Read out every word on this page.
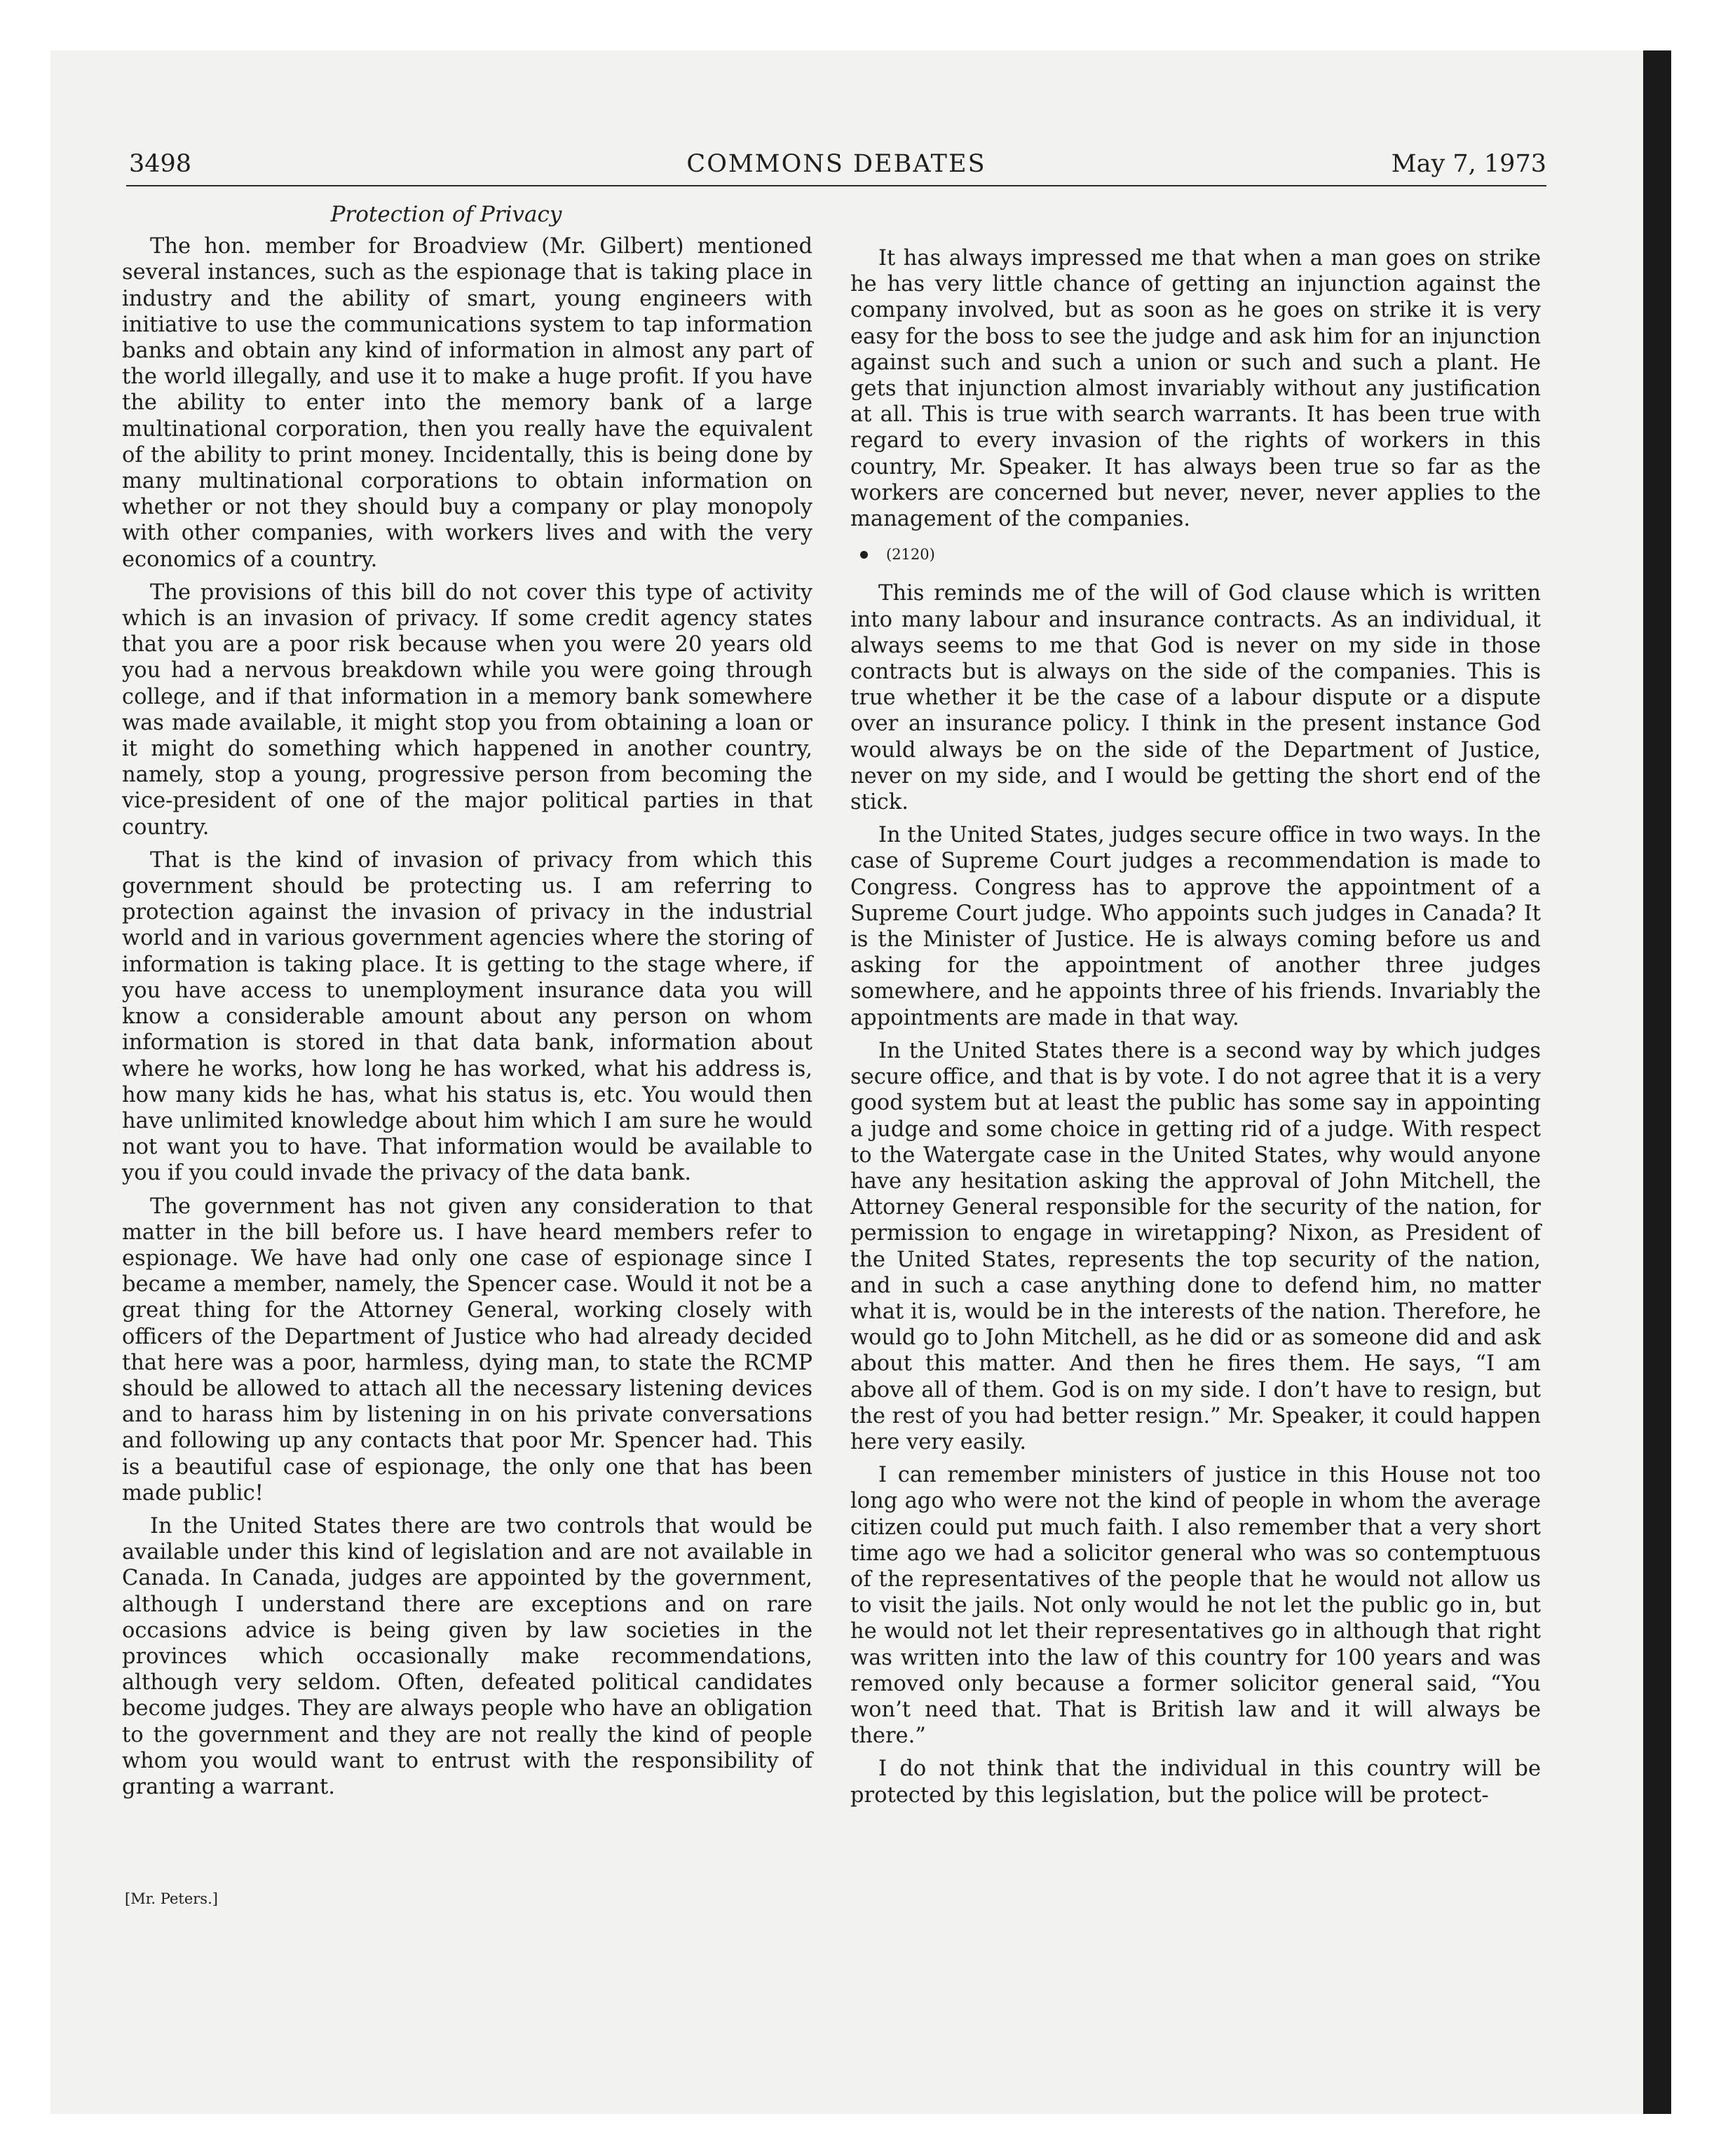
COMMONS DEBATES
3498	May 7, 1973
Protection of Privacy

The hon. member for Broadview (Mr. Gilbert) mentioned several instances, such as the espionage that is taking place in industry and the ability of smart, young engineers with initiative to use the communications system to tap information banks and obtain any kind of information in almost any part of the world illegally, and use it to make a huge profit. If you have the ability to enter into the memory bank of a large multinational corporation, then you really have the equivalent of the ability to print money. Incidentally, this is being done by many multinational corporations to obtain information on whether or not they should buy a company or play monopoly with other companies, with workers lives and with the very economics of a country.

The provisions of this bill do not cover this type of activity which is an invasion of privacy. If some credit agency states that you are a poor risk because when you were 20 years old you had a nervous breakdown while you were going through college, and if that information in a memory bank somewhere was made available, it might stop you from obtaining a loan or it might do something which happened in another country, namely, stop a young, progressive person from becoming the vice-president of one of the major political parties in that country.

That is the kind of invasion of privacy from which this government should be protecting us. I am referring to protection against the invasion of privacy in the industrial world and in various government agencies where the storing of information is taking place. It is getting to the stage where, if you have access to unemployment insurance data you will know a considerable amount about any person on whom information is stored in that data bank, information about where he works, how long he has worked, what his address is, how many kids he has, what his status is, etc. You would then have unlimited knowledge about him which I am sure he would not want you to have. That information would be available to you if you could invade the privacy of the data bank.

The government has not given any consideration to that matter in the bill before us. I have heard members refer to espionage. We have had only one case of espionage since I became a member, namely, the Spencer case. Would it not be a great thing for the Attorney General, working closely with officers of the Department of Justice who had already decided that here was a poor, harmless, dying man, to state the RCMP should be allowed to attach all the necessary listening devices and to harass him by listening in on his private conversations and following up any contacts that poor Mr. Spencer had. This is a beautiful case of espionage, the only one that has been made public!

In the United States there are two controls that would be available under this kind of legislation and are not available in Canada. In Canada, judges are appointed by the government, although I understand there are exceptions and on rare occasions advice is being given by law societies in the provinces which occasionally make recommendations, although very seldom. Often, defeated political candidates become judges. They are always people who have an obligation to the government and they are not really the kind of people whom you would want to entrust with the responsibility of granting a warrant.

[Mr. Peters.]

It has always impressed me that when a man goes on strike he has very little chance of getting an injunction against the company involved, but as soon as he goes on strike it is very easy for the boss to see the judge and ask him for an injunction against such and such a union or such and such a plant. He gets that injunction almost invariably without any justification at all. This is true with search warrants. It has been true with regard to every invasion of the rights of workers in this country, Mr. Speaker. It has always been true so far as the workers are concerned but never, never, never applies to the management of the companies.

(2120)

This reminds me of the will of God clause which is written into many labour and insurance contracts. As an individual, it always seems to me that God is never on my side in those contracts but is always on the side of the companies. This is true whether it be the case of a labour dispute or a dispute over an insurance policy. I think in the present instance God would always be on the side of the Department of Justice, never on my side, and I would be getting the short end of the stick.

In the United States, judges secure office in two ways. In the case of Supreme Court judges a recommendation is made to Congress. Congress has to approve the appointment of a Supreme Court judge. Who appoints such judges in Canada? It is the Minister of Justice. He is always coming before us and asking for the appointment of another three judges somewhere, and he appoints three of his friends. Invariably the appointments are made in that way.

In the United States there is a second way by which judges secure office, and that is by vote. I do not agree that it is a very good system but at least the public has some say in appointing a judge and some choice in getting rid of a judge. With respect to the Watergate case in the United States, why would anyone have any hesitation asking the approval of John Mitchell, the Attorney General responsible for the security of the nation, for permission to engage in wiretapping? Nixon, as President of the United States, represents the top security of the nation, and in such a case anything done to defend him, no matter what it is, would be in the interests of the nation. Therefore, he would go to John Mitchell, as he did or as someone did and ask about this matter. And then he fires them. He says, “I am above all of them. God is on my side. I don’t have to resign, but the rest of you had better resign.” Mr. Speaker, it could happen here very easily.

I can remember ministers of justice in this House not too long ago who were not the kind of people in whom the average citizen could put much faith. I also remember that a very short time ago we had a solicitor general who was so contemptuous of the representatives of the people that he would not allow us to visit the jails. Not only would he not let the public go in, but he would not let their representatives go in although that right was written into the law of this country for 100 years and was removed only because a former solicitor general said, “You won’t need that. That is British law and it will always be there.”

I do not think that the individual in this country will be protected by this legislation, but the police will be protect-
